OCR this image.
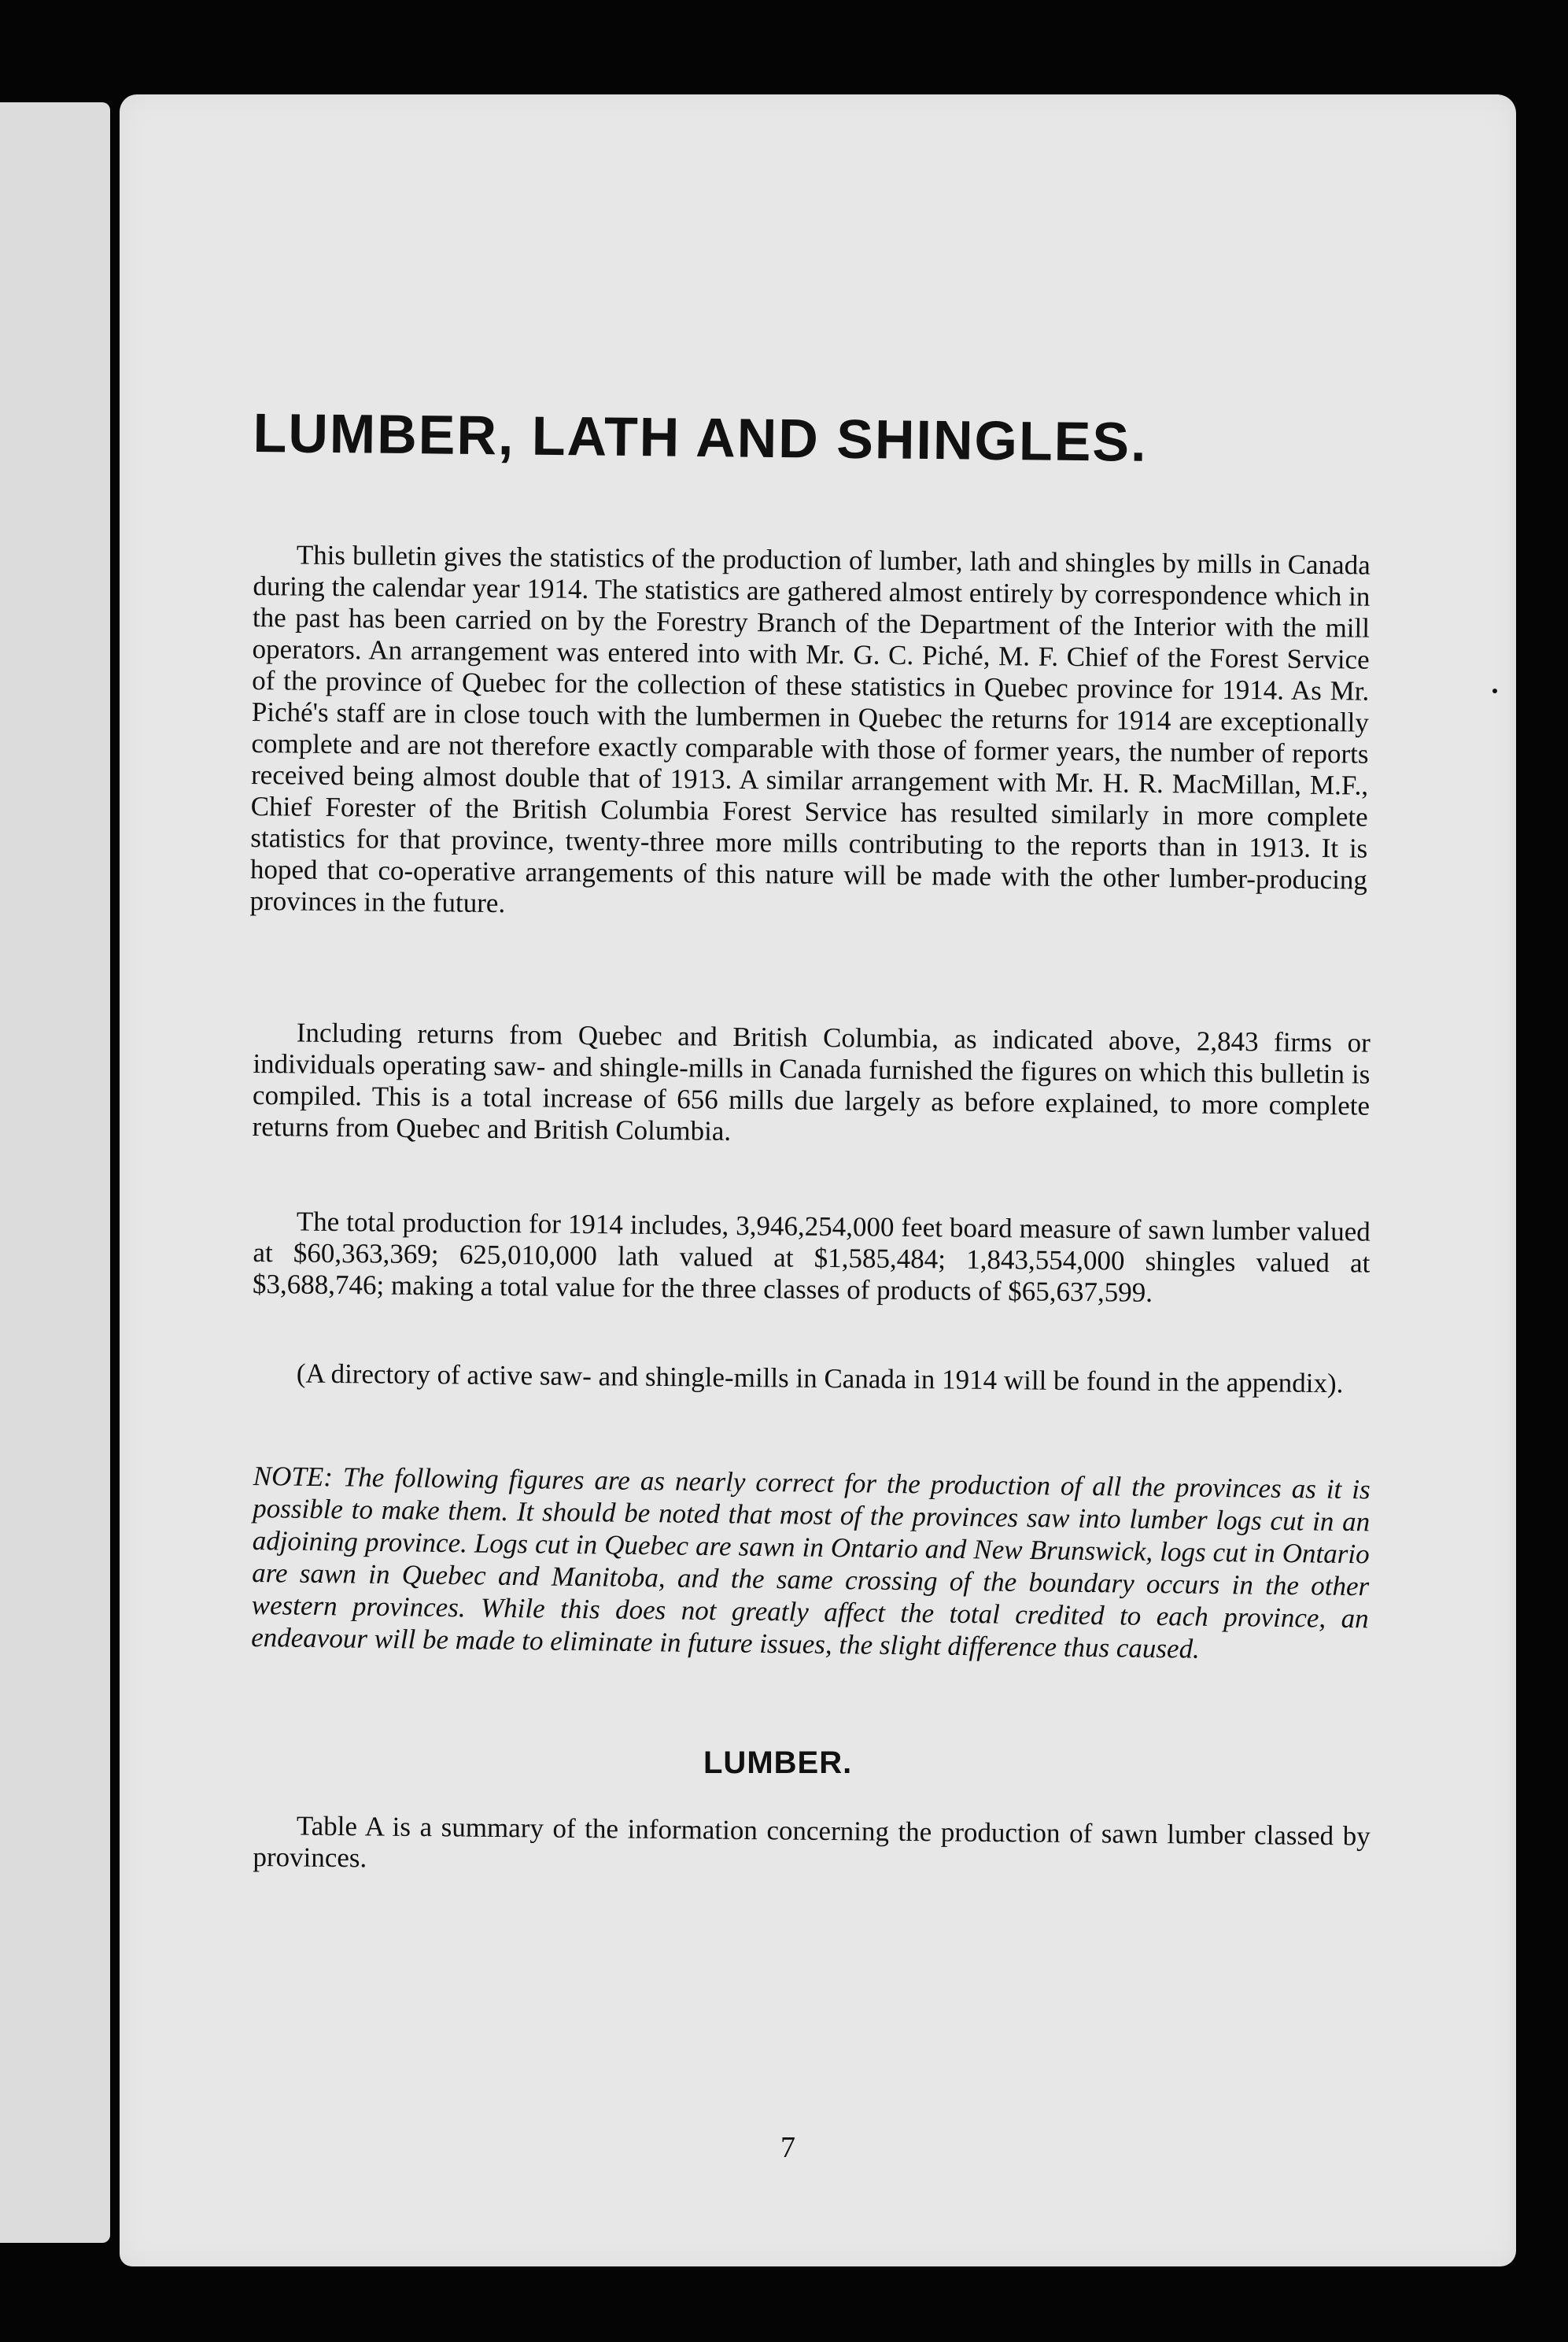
LUMBER, LATH AND SHINGLES.

This bulletin gives the statistics of the production of lumber, lath and shingles by mills in Canada during the calendar year 1914. The statistics are gathered almost entirely by correspondence which in the past has been carried on by the Forestry Branch of the Department of the Interior with the mill operators. An arrangement was entered into with Mr. G. C. Piché, M. F. Chief of the Forest Service of the province of Quebec for the collection of these statistics in Quebec province for 1914. As Mr. Piché's staff are in close touch with the lumbermen in Quebec the returns for 1914 are exceptionally complete and are not therefore exactly comparable with those of former years, the number of reports received being almost double that of 1913. A similar arrangement with Mr. H. R. MacMillan, M.F., Chief Forester of the British Columbia Forest Service has resulted similarly in more complete statistics for that province, twenty-three more mills contributing to the reports than in 1913. It is hoped that co-operative arrangements of this nature will be made with the other lumber-producing provinces in the future.

Including returns from Quebec and British Columbia, as indicated above, 2,843 firms or individuals operating saw- and shingle-mills in Canada furnished the figures on which this bulletin is compiled. This is a total increase of 656 mills due largely as before explained, to more complete returns from Quebec and British Columbia.

The total production for 1914 includes, 3,946,254,000 feet board measure of sawn lumber valued at $60,363,369; 625,010,000 lath valued at $1,585,484; 1,843,554,000 shingles valued at $3,688,746; making a total value for the three classes of products of $65,637,599.

(A directory of active saw- and shingle-mills in Canada in 1914 will be found in the appendix).

NOTE: The following figures are as nearly correct for the production of all the provinces as it is possible to make them. It should be noted that most of the provinces saw into lumber logs cut in an adjoining province. Logs cut in Quebec are sawn in Ontario and New Brunswick, logs cut in Ontario are sawn in Quebec and Manitoba, and the same crossing of the boundary occurs in the other western provinces. While this does not greatly affect the total credited to each province, an endeavour will be made to eliminate in future issues, the slight difference thus caused.

LUMBER.

Table A is a summary of the information concerning the production of sawn lumber classed by provinces.

7
